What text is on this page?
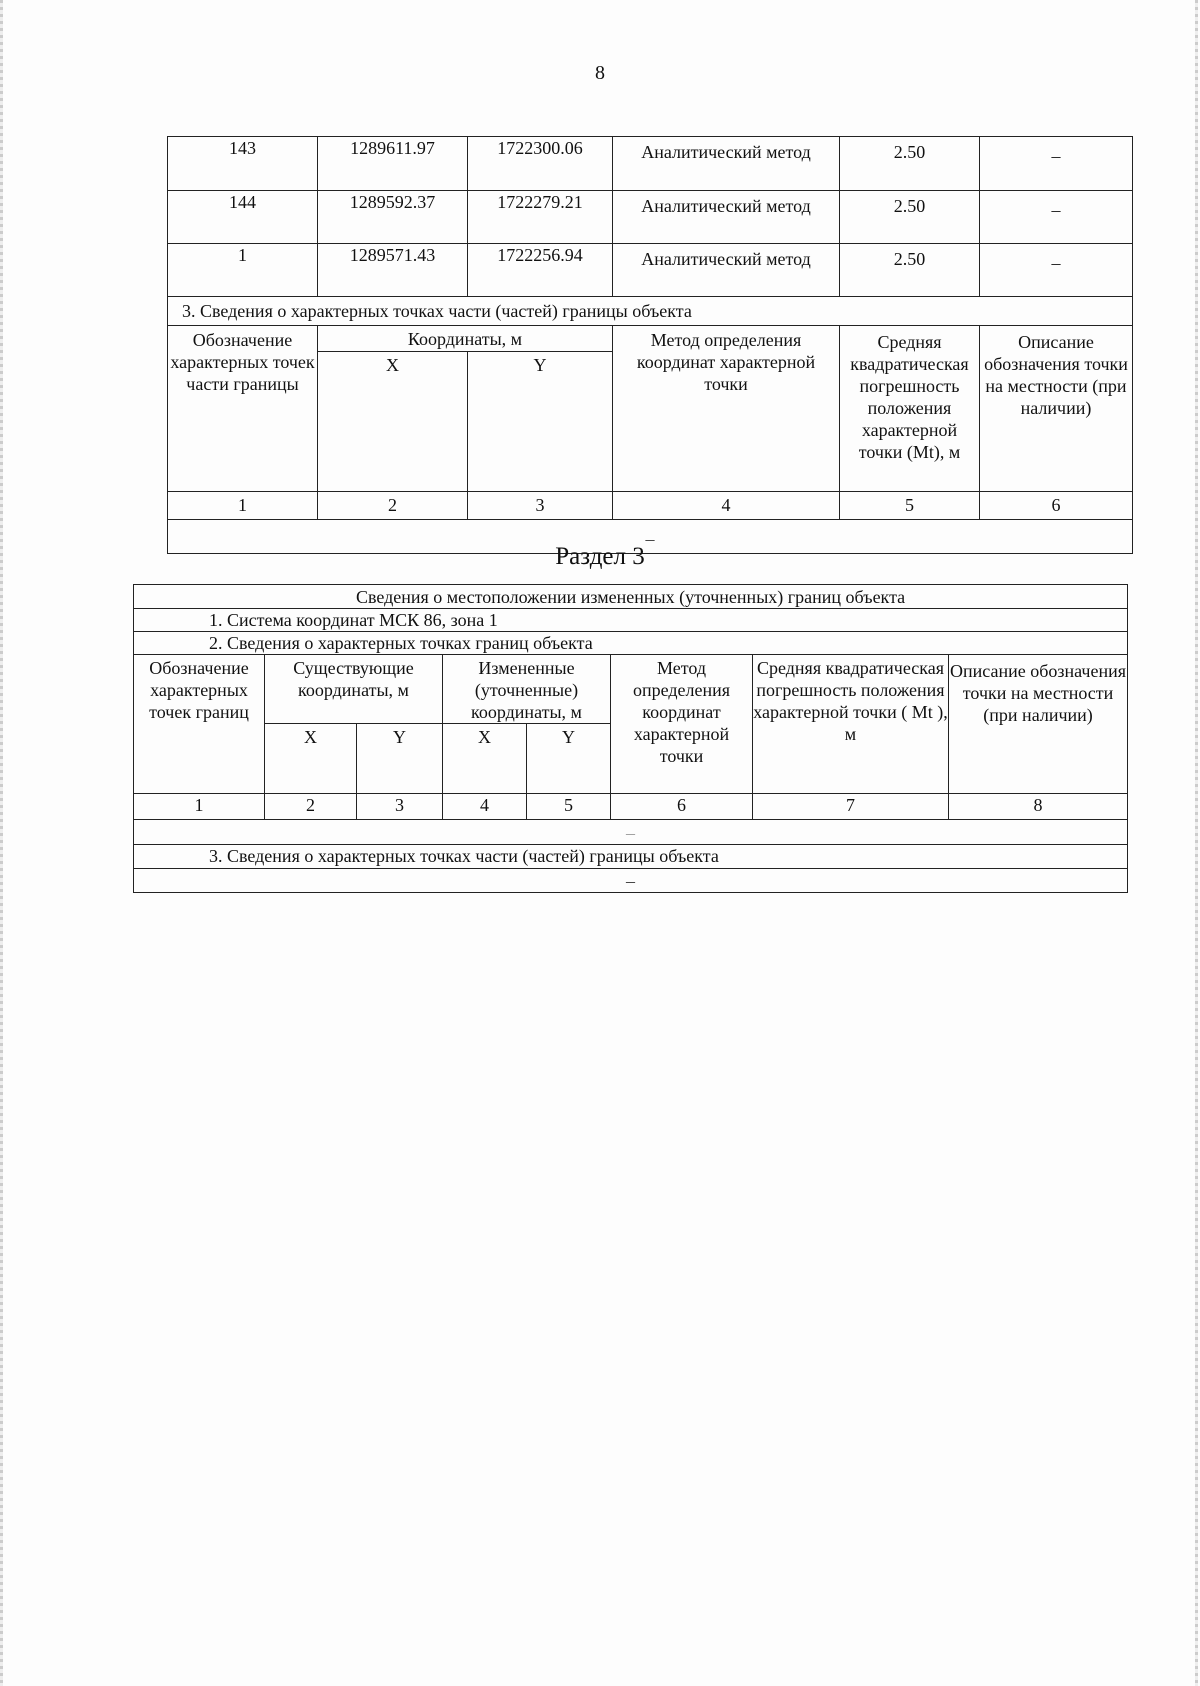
8
143	1289611.97	1722300.06	Аналитический метод	2.50	–
144	1289592.37	1722279.21	Аналитический метод	2.50	–
1	1289571.43	1722256.94	Аналитический метод	2.50	–
3. Сведения о характерных точках части (частей) границы объекта					
Обозначение характерных точек части границы	Координаты, м		Метод определения координат характерной точки	Средняя квадратическая погрешность положения характерной точки (Mt), м	Описание обозначения точки на местности (при наличии)
	X	Y			
1	2	3	4	5	6
–					
Раздел 3
Сведения о местоположении измененных (уточненных) границ объекта							
1. Система координат МСК 86, зона 1							
2. Сведения о характерных точках границ объекта							
Обозначение характерных точек границ	Существующие координаты, м		Измененные (уточненные) координаты, м		Метод определения координат характерной точки	Средняя квадратическая погрешность положения характерной точки ( Mt ), м	Описание обозначения точки на местности (при наличии)
	X	Y	X	Y			
1	2	3	4	5	6	7	8
–							
3. Сведения о характерных точках части (частей) границы объекта							
–							
